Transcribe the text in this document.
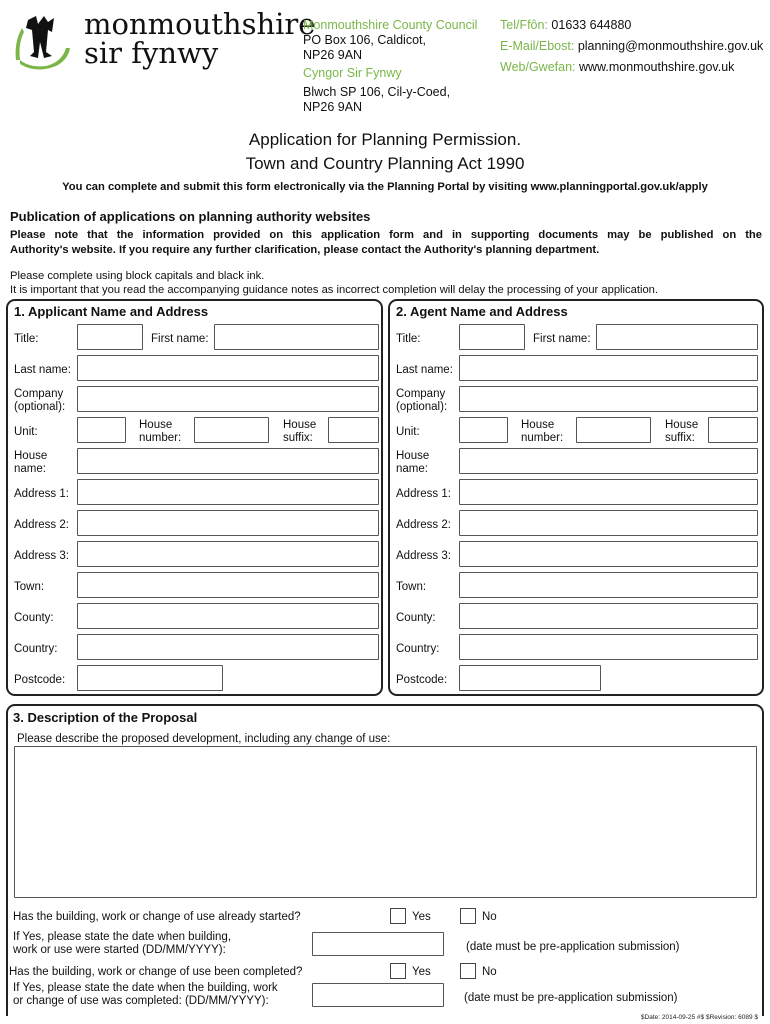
monmouthshire
sir fynwy
Monmouthshire County Council
PO Box 106, Caldicot,
NP26 9AN
Cyngor Sir Fynwy
Blwch SP 106, Cil-y-Coed,
NP26 9AN
Tel/Ffôn: 01633 644880
E-Mail/Ebost: planning@monmouthshire.gov.uk
Web/Gwefan: www.monmouthshire.gov.uk
Application for Planning Permission.
Town and Country Planning Act 1990
You can complete and submit this form electronically via the Planning Portal by visiting www.planningportal.gov.uk/apply
Publication of applications on planning authority websites
Please note that the information provided on this application form and in supporting documents may be published on the
Authority's website. If you require any further clarification, please contact the Authority's planning department.
Please complete using block capitals and black ink.
It is important that you read the accompanying guidance notes as incorrect completion will delay the processing of your application.
1. Applicant Name and Address
Title:	First name:
Last name:
Company
(optional):
Unit:
House
number:
House
suffix:
House
name:
Address 1:
Address 2:
Address 3:
Town:
County:
Country:
Postcode:
2. Agent Name and Address
Title:	First name:
Last name:
Company
(optional):
Unit:
House
number:
House
suffix:
House
name:
Address 1:
Address 2:
Address 3:
Town:
County:
Country:
Postcode:
3. Description of the Proposal
Please describe the proposed development, including any change of use:
Has the building, work or change of use already started?	Yes	No
If Yes, please state the date when building,
work or use were started (DD/MM/YYYY):	(date must be pre-application submission)
Has the building, work or change of use been completed?	Yes	No
If Yes, please state the date when the building, work
or change of use was completed: (DD/MM/YYYY):	(date must be pre-application submission)
$Date: 2014-09-25 #$ $Revision: 6089 $
